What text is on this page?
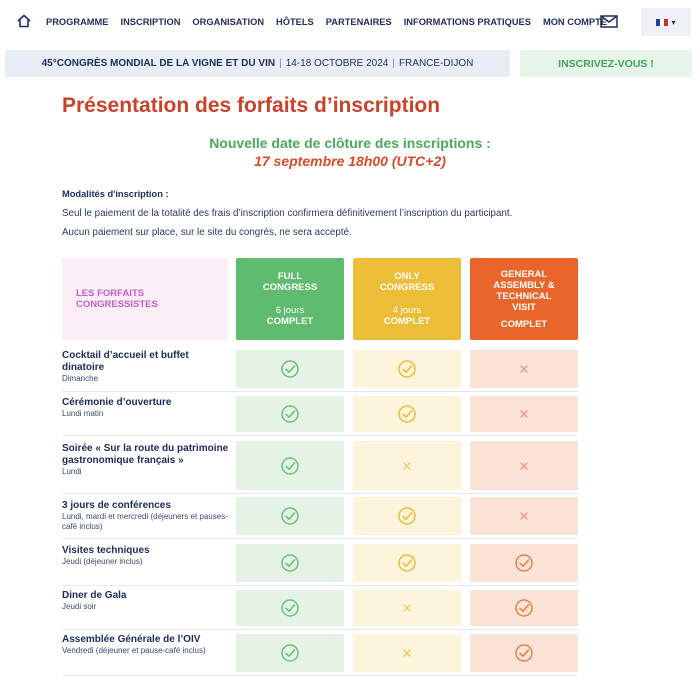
PROGRAMME INSCRIPTION ORGANISATION HÔTELS PARTENAIRES INFORMATIONS PRATIQUES MON COMPTE	▾
45°CONGRÈS MONDIAL DE LA VIGNE ET DU VIN | 14-18 OCTOBRE 2024 | FRANCE-DIJON	INSCRIVEZ-VOUS !
Présentation des forfaits d’inscription
Nouvelle date de clôture des inscriptions :
17 septembre 18h00 (UTC+2)
Modalités d'inscription :
Seul le paiement de la totalité des frais d’inscription confirmera définitivement l’inscription du participant.
Aucun paiement sur place, sur le site du congrès, ne sera accepté.
LES FORFAITS
CONGRESSISTES
FULL
CONGRESS
6 jours
COMPLET
ONLY
CONGRESS
4 jours
COMPLET
GENERAL
ASSEMBLY &
TECHNICAL
VISIT
COMPLET
Cocktail d’accueil et buffet dinatoire
Dimanche
Cérémonie d’ouverture
Lundi matin
Soirée « Sur la route du patrimoine gastronomique français »
Lundi
3 jours de conférences
Lundi, mardi et mercredi (déjeuners et pauses-café inclus)
Visites techniques
Jeudi (déjeuner inclus)
Diner de Gala
Jeudi soir
Assemblée Générale de l’OIV
Vendredi (déjeuner et pause-café inclus)
